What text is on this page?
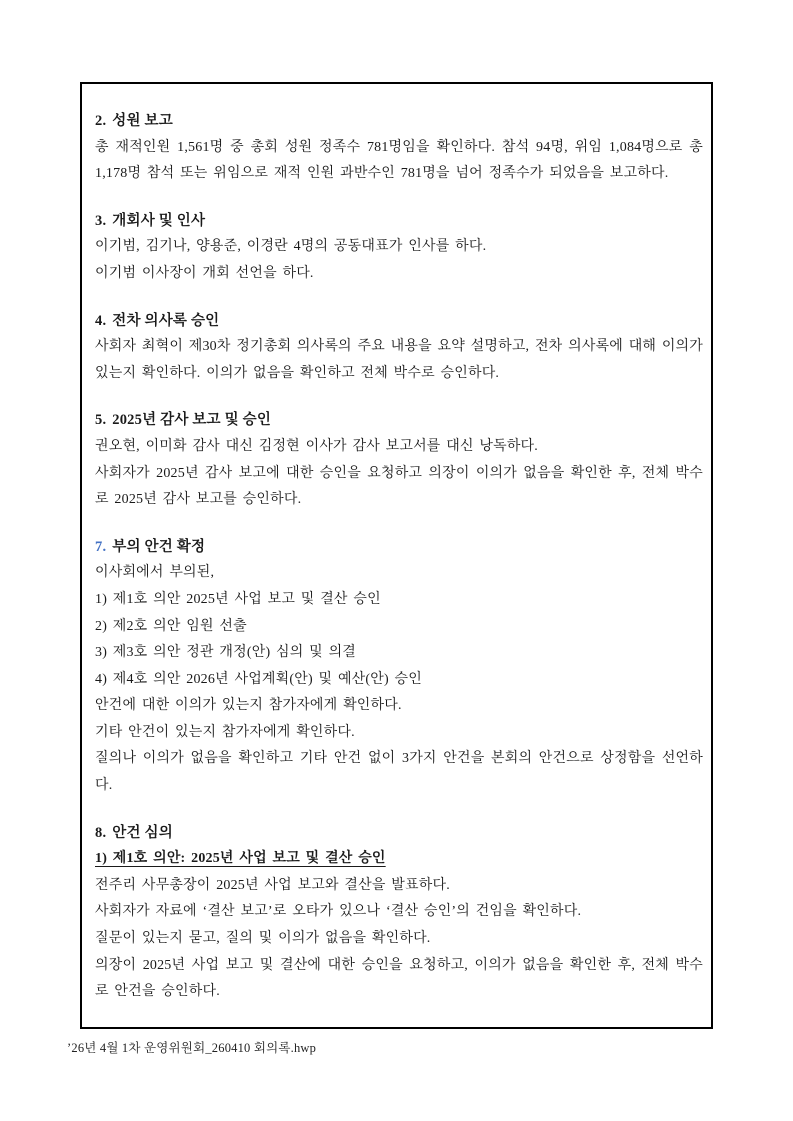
2. 성원 보고

총 재적인원 1,561명 중 총회 성원 정족수 781명임을 확인하다. 참석 94명, 위임 1,084명으로 총 1,178명 참석 또는 위임으로 재적 인원 과반수인 781명을 넘어 정족수가 되었음을 보고하다.

3. 개회사 및 인사

이기범, 김기나, 양용준, 이경란 4명의 공동대표가 인사를 하다.

이기범 이사장이 개회 선언을 하다.

4. 전차 의사록 승인

사회자 최혁이 제30차 정기총회 의사록의 주요 내용을 요약 설명하고, 전차 의사록에 대해 이의가 있는지 확인하다. 이의가 없음을 확인하고 전체 박수로 승인하다.

5. 2025년 감사 보고 및 승인

권오현, 이미화 감사 대신 김정현 이사가 감사 보고서를 대신 낭독하다.

사회자가 2025년 감사 보고에 대한 승인을 요청하고 의장이 이의가 없음을 확인한 후, 전체 박수로 2025년 감사 보고를 승인하다.

7. 부의 안건 확정

이사회에서 부의된,

1) 제1호 의안 2025년 사업 보고 및 결산 승인

2) 제2호 의안 임원 선출

3) 제3호 의안 정관 개정(안) 심의 및 의결

4) 제4호 의안 2026년 사업계획(안) 및 예산(안) 승인

안건에 대한 이의가 있는지 참가자에게 확인하다.

기타 안건이 있는지 참가자에게 확인하다.

질의나 이의가 없음을 확인하고 기타 안건 없이 3가지 안건을 본회의 안건으로 상정함을 선언하다.

8. 안건 심의

1) 제1호 의안: 2025년 사업 보고 및 결산 승인

전주리 사무총장이 2025년 사업 보고와 결산을 발표하다.

사회자가 자료에 ‘결산 보고’로 오타가 있으나 ‘결산 승인’의 건임을 확인하다.

질문이 있는지 묻고, 질의 및 이의가 없음을 확인하다.

의장이 2025년 사업 보고 및 결산에 대한 승인을 요청하고, 이의가 없음을 확인한 후, 전체 박수로 안건을 승인하다.

’26년 4월 1차 운영위원회_260410 회의록.hwp
